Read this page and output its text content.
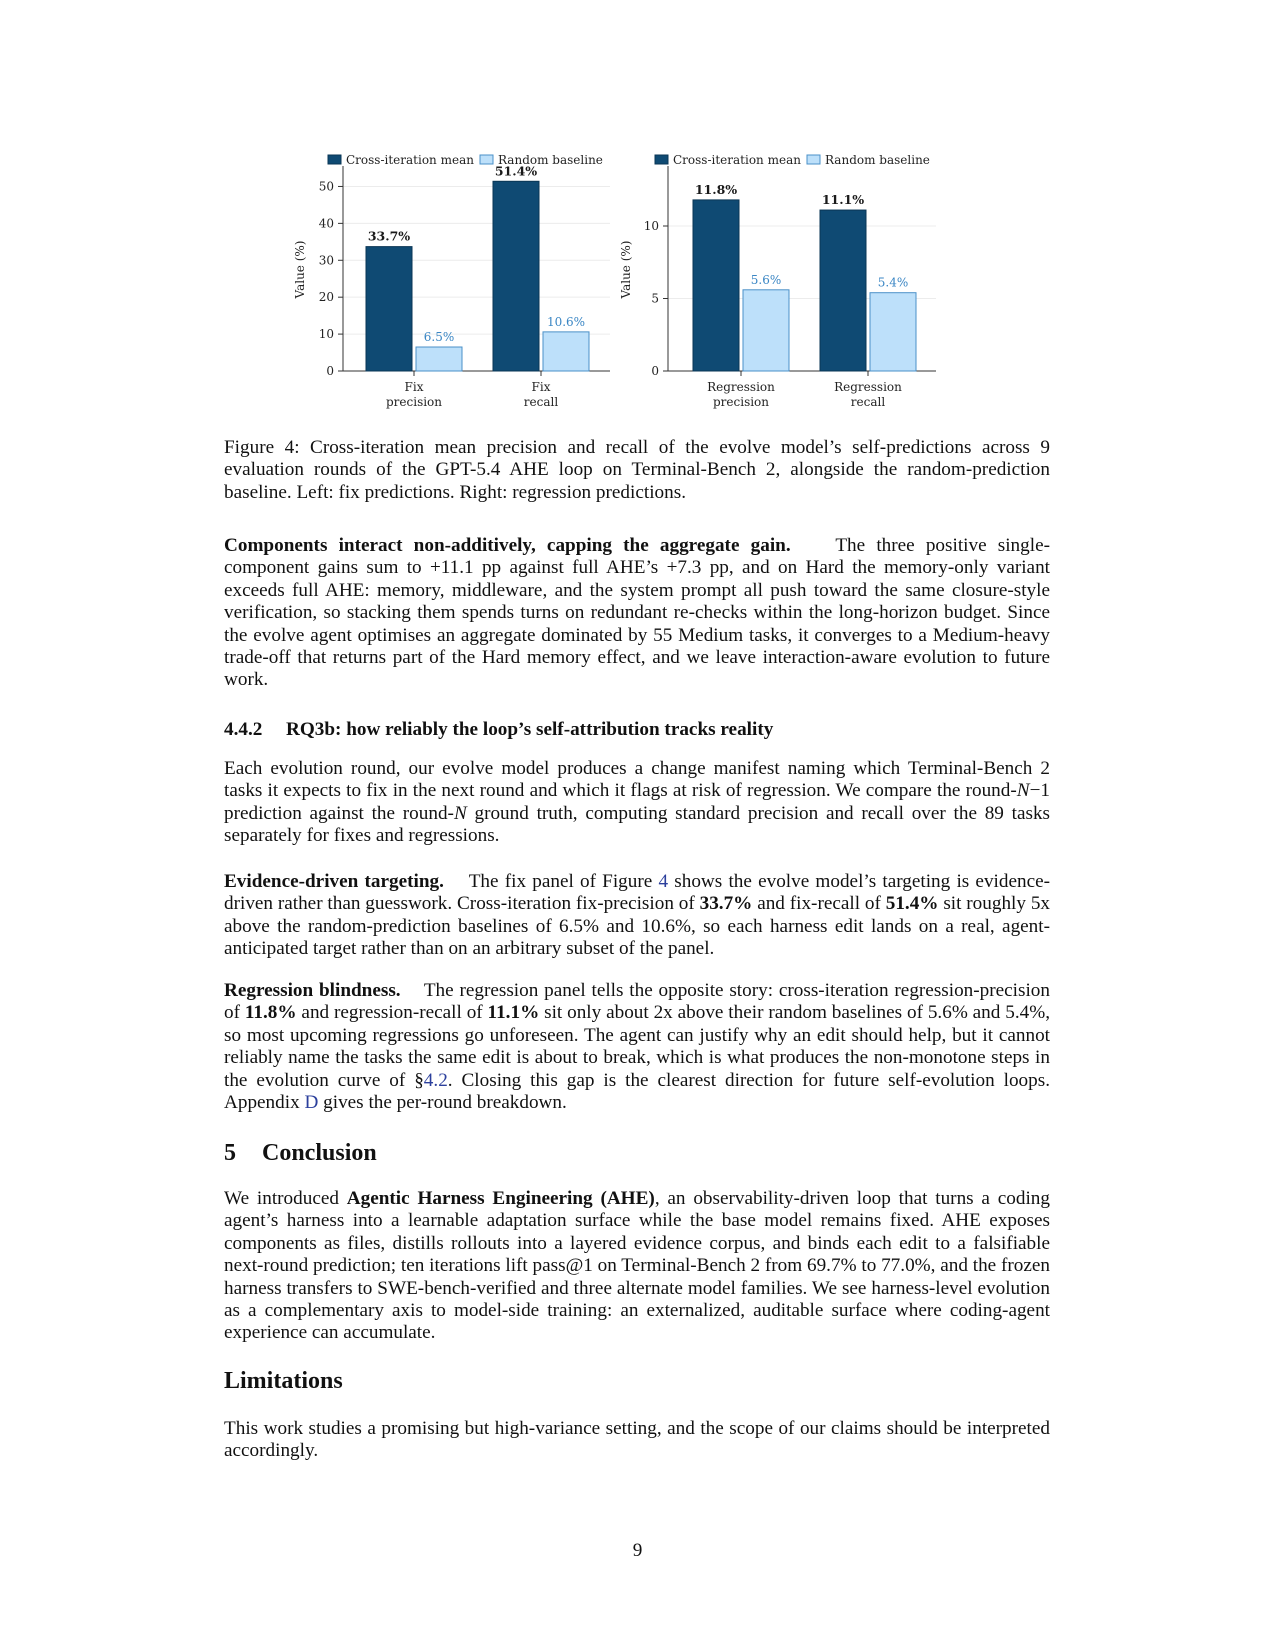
0
10
20
30
40
50
Value (%)
33.7%
6.5%
Fix
precision
51.4%
10.6%
Fix
recall
Cross-iteration mean Random baseline
0
5
10
Value (%)
11.8%
5.6%
Regression
precision
11.1%
5.4%
Regression
recall
Cross-iteration mean Random baseline

Figure 4: Cross-iteration mean precision and recall of the evolve model’s self-predictions across 9 evaluation rounds of the GPT-5.4 AHE loop on Terminal-Bench 2, alongside the random-prediction baseline. Left: fix predictions. Right: regression predictions.

Components interact non-additively, capping the aggregate gain. The three positive single-component gains sum to +11.1 pp against full AHE’s +7.3 pp, and on Hard the memory-only variant exceeds full AHE: memory, middleware, and the system prompt all push toward the same closure-style verification, so stacking them spends turns on redundant re-checks within the long-horizon budget. Since the evolve agent optimises an aggregate dominated by 55 Medium tasks, it converges to a Medium-heavy trade-off that returns part of the Hard memory effect, and we leave interaction-aware evolution to future work.

4.4.2 RQ3b: how reliably the loop’s self-attribution tracks reality

Each evolution round, our evolve model produces a change manifest naming which Terminal-Bench 2 tasks it expects to fix in the next round and which it flags at risk of regression. We compare the round-N−1 prediction against the round-N ground truth, computing standard precision and recall over the 89 tasks separately for fixes and regressions.

Evidence-driven targeting. The fix panel of Figure 4 shows the evolve model’s targeting is evidence-driven rather than guesswork. Cross-iteration fix-precision of 33.7% and fix-recall of 51.4% sit roughly 5x above the random-prediction baselines of 6.5% and 10.6%, so each harness edit lands on a real, agent-anticipated target rather than on an arbitrary subset of the panel.

Regression blindness. The regression panel tells the opposite story: cross-iteration regression-precision of 11.8% and regression-recall of 11.1% sit only about 2x above their random baselines of 5.6% and 5.4%, so most upcoming regressions go unforeseen. The agent can justify why an edit should help, but it cannot reliably name the tasks the same edit is about to break, which is what produces the non-monotone steps in the evolution curve of §4.2. Closing this gap is the clearest direction for future self-evolution loops. Appendix D gives the per-round breakdown.

5 Conclusion

We introduced Agentic Harness Engineering (AHE), an observability-driven loop that turns a coding agent’s harness into a learnable adaptation surface while the base model remains fixed. AHE exposes components as files, distills rollouts into a layered evidence corpus, and binds each edit to a falsifiable next-round prediction; ten iterations lift pass@1 on Terminal-Bench 2 from 69.7% to 77.0%, and the frozen harness transfers to SWE-bench-verified and three alternate model families. We see harness-level evolution as a complementary axis to model-side training: an externalized, auditable surface where coding-agent experience can accumulate.

Limitations

This work studies a promising but high-variance setting, and the scope of our claims should be interpreted accordingly.

9
